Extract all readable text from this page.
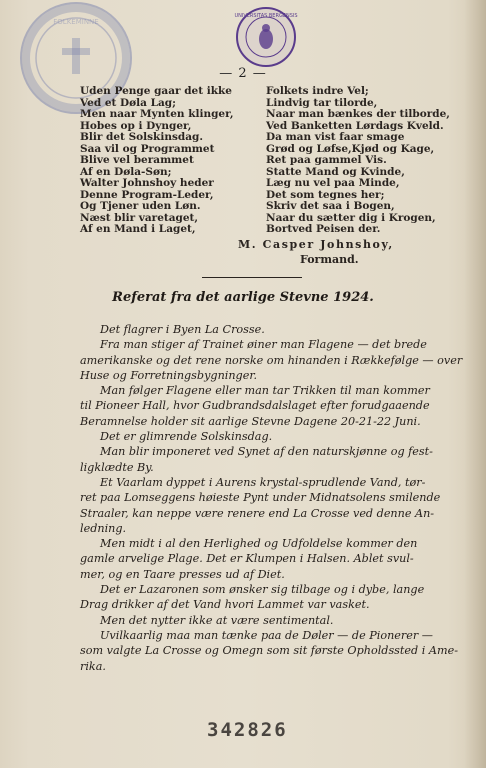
FOLKEMINNE
UNIVERSITAS BERGENSIS
— 2 —
Uden Penge gaar det ikke
Ved et Døla Lag;
Men naar Mynten klinger,
Hobes op i Dynger,
Blir det Solskinsdag.
Saa vil og Programmet
Blive vel berammet
Af en Døla-Søn;
Walter Johnshoy heder
Denne Program-Leder,
Og Tjener uden Løn.
Næst blir varetaget,
Af en Mand i Laget,
Folkets indre Vel;
Lindvig tar tilorde,
Naar man bænkes der tilborde,
Ved Banketten Lørdags Kveld.
Da man vist faar smage
Grød og Løfse,Kjød og Kage,
Ret paa gammel Vis.
Statte Mand og Kvinde,
Læg nu vel paa Minde,
Det som tegnes her;
Skriv det saa i Bogen,
Naar du sætter dig i Krogen,
Bortved Peisen der.
M. Casper Johnshoy,
Formand.
Referat fra det aarlige Stevne 1924.
Det flagrer i Byen La Crosse.
Fra man stiger af Trainet øiner man Flagene — det brede
amerikanske og det rene norske om hinanden i Rækkefølge — over
Huse og Forretningsbygninger.
Man følger Flagene eller man tar Trikken til man kommer
til Pioneer Hall, hvor Gudbrandsdalslaget efter forudgaaende
Beramnelse holder sit aarlige Stevne Dagene 20-21-22 Juni.
Det er glimrende Solskinsdag.
Man blir imponeret ved Synet af den naturskjønne og fest-
ligklædte By.
Et Vaarlam dyppet i Aurens krystal-sprudlende Vand, tør-
ret paa Lomseggens høieste Pynt under Midnatsolens smilende
Straaler, kan neppe være renere end La Crosse ved denne An-
ledning.
Men midt i al den Herlighed og Udfoldelse kommer den
gamle arvelige Plage. Det er Klumpen i Halsen. Ablet svul-
mer, og en Taare presses ud af Diet.
Det er Lazaronen som ønsker sig tilbage og i dybe, lange
Drag drikker af det Vand hvori Lammet var vasket.
Men det nytter ikke at være sentimental.
Uvilkaarlig maa man tænke paa de Døler — de Pionerer —
som valgte La Crosse og Omegn som sit første Opholdssted i Ame-
rika.
342826
